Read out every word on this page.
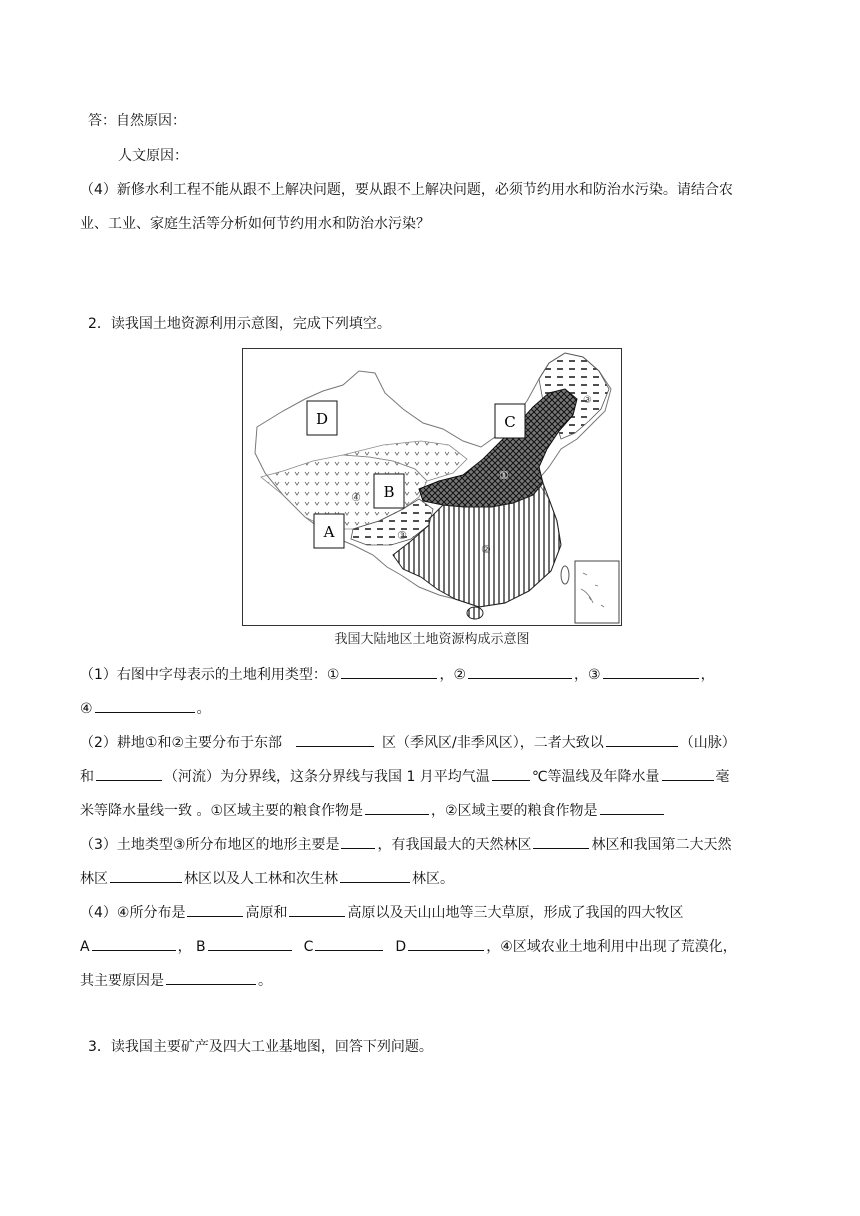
答：自然原因：
人文原因：
（4）新修水利工程不能从跟不上解决问题，要从跟不上解决问题，必须节约用水和防治水污染。请结合农
业、工业、家庭生活等分析如何节约用水和防治水污染？
2．读我国土地资源利用示意图，完成下列填空。
D	C
B
A
①
②
③
④
③
我国大陆地区土地资源构成示意图
（1）右图中字母表示的土地利用类型：①	，②	，③	，
④	。
（2）耕地①和②主要分布于东部	区（季风区/非季风区），二者大致以	（山脉）
和	（河流）为分界线，这条分界线与我国 1 月平均气温	℃等温线及年降水量	毫
米等降水量线一致 。①区域主要的粮食作物是	，②区域主要的粮食作物是
（3）土地类型③所分布地区的地形主要是	，有我国最大的天然林区	林区和我国第二大天然
林区	林区以及人工林和次生林	林区。
（4）④所分布是	高原和	高原以及天山山地等三大草原，形成了我国的四大牧区
A	， B	C	D	，④区域农业土地利用中出现了荒漠化，
其主要原因是	。
3．读我国主要矿产及四大工业基地图，回答下列问题。
